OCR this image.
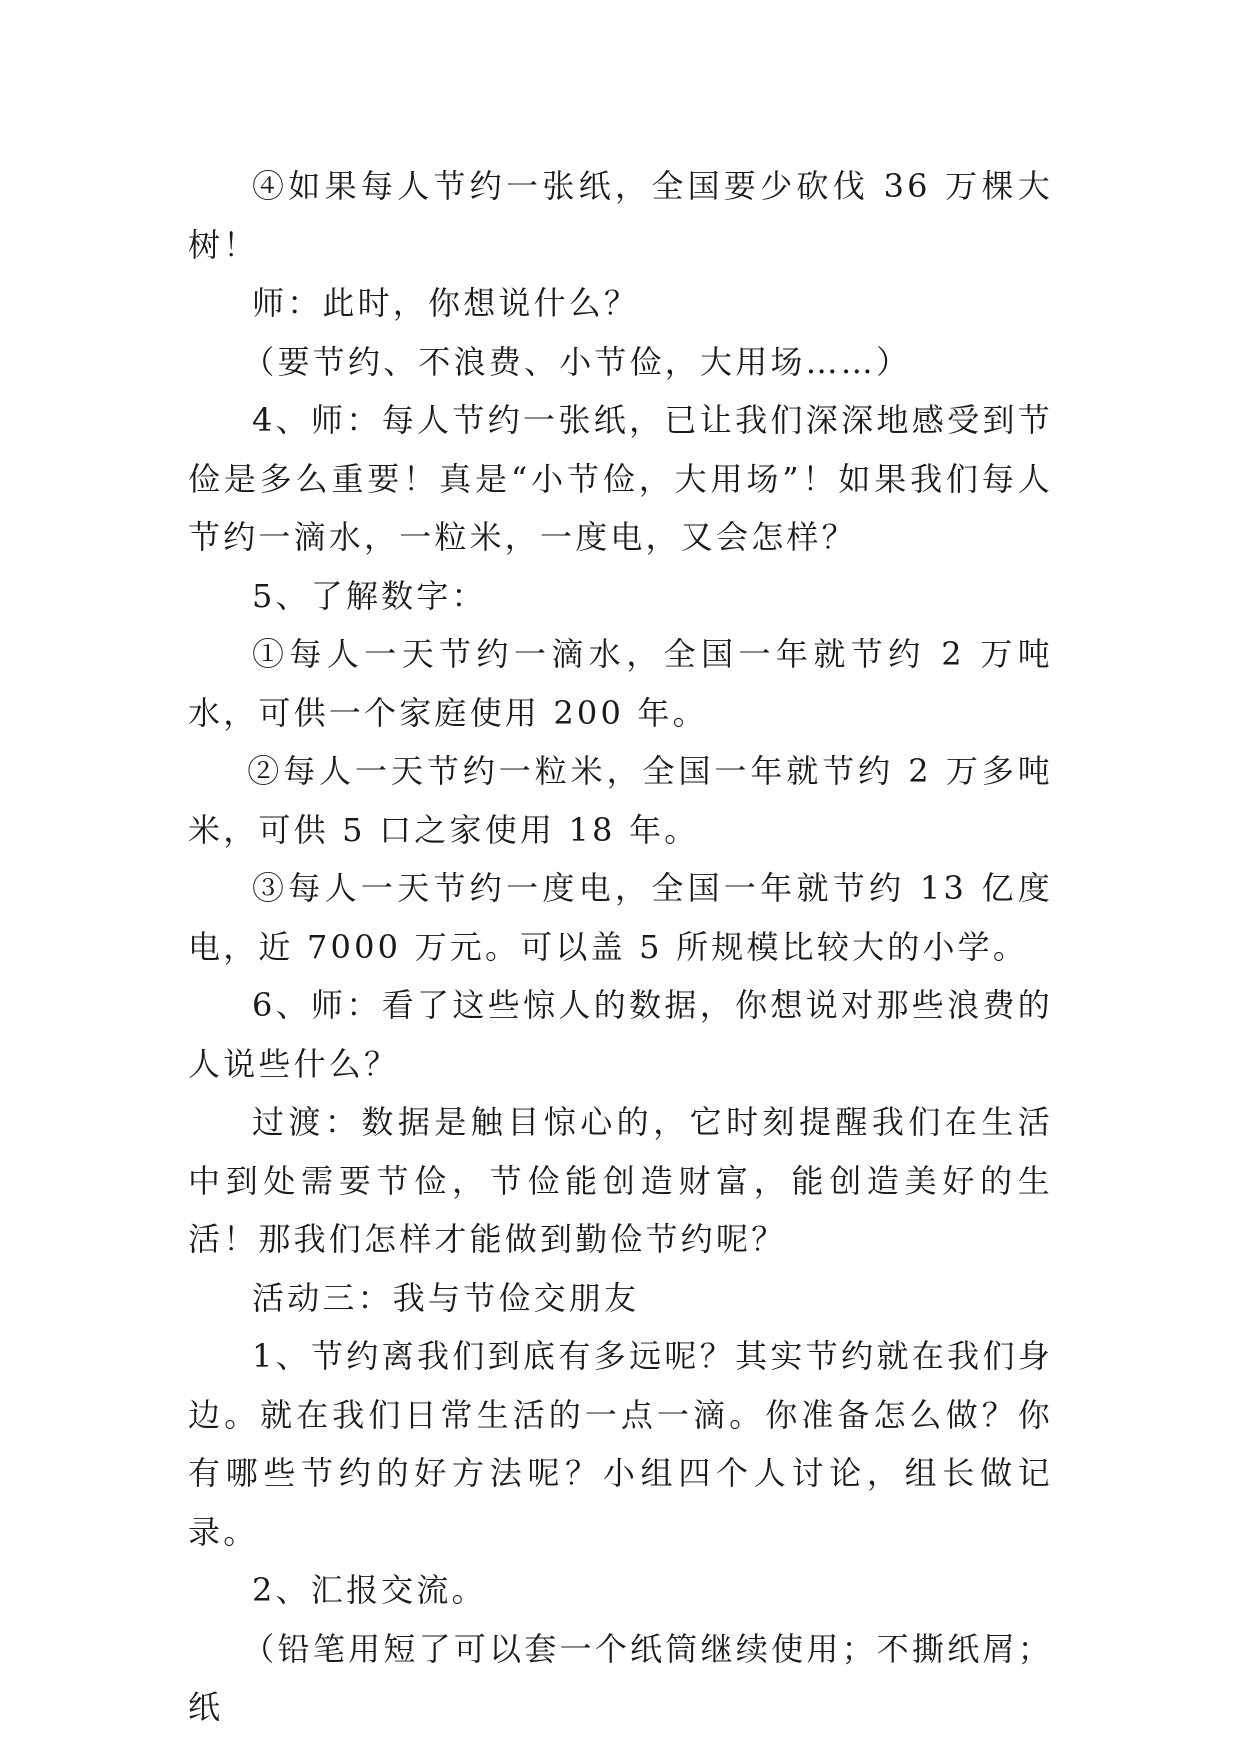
④如果每人节约一张纸，全国要少砍伐 36 万棵大树！

师：此时，你想说什么？

（要节约、不浪费、小节俭，大用场……）

4、师：每人节约一张纸，已让我们深深地感受到节俭是多么重要！真是“小节俭，大用场”！如果我们每人节约一滴水，一粒米，一度电，又会怎样？

5、了解数字：

①每人一天节约一滴水，全国一年就节约 2 万吨水，可供一个家庭使用 200 年。

②每人一天节约一粒米，全国一年就节约 2 万多吨米，可供 5 口之家使用 18 年。

③每人一天节约一度电，全国一年就节约 13 亿度电，近 7000 万元。可以盖 5 所规模比较大的小学。

6、师：看了这些惊人的数据，你想说对那些浪费的人说些什么？

过渡：数据是触目惊心的，它时刻提醒我们在生活中到处需要节俭，节俭能创造财富，能创造美好的生活！那我们怎样才能做到勤俭节约呢？

活动三：我与节俭交朋友

1、节约离我们到底有多远呢？其实节约就在我们身边。就在我们日常生活的一点一滴。你准备怎么做？你有哪些节约的好方法呢？小组四个人讨论，组长做记录。

2、汇报交流。

（铅笔用短了可以套一个纸筒继续使用；不撕纸屑；纸
